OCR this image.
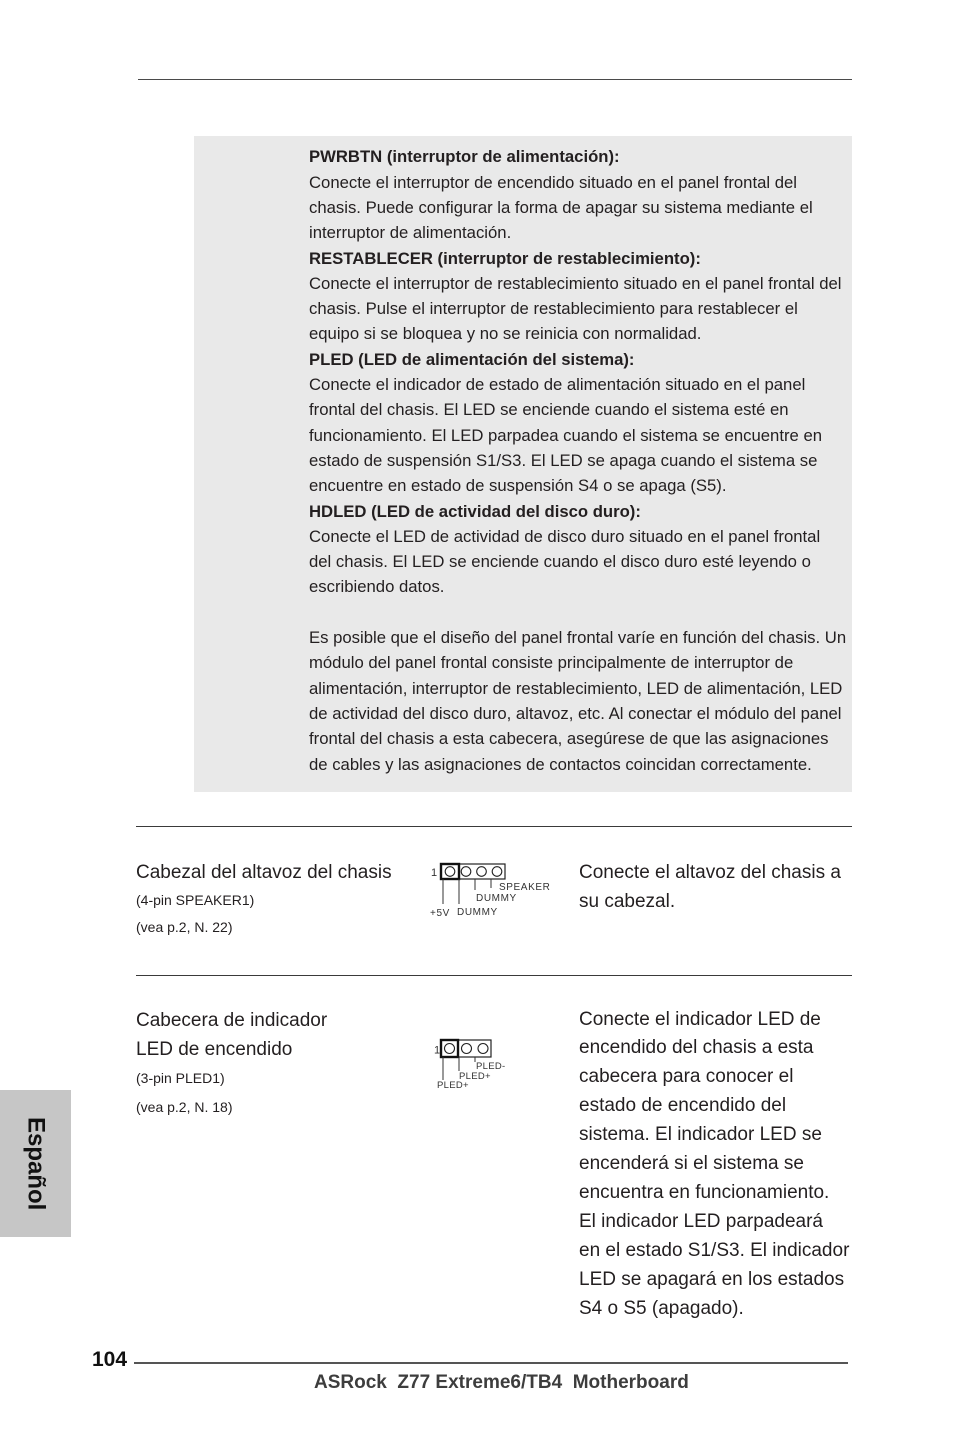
PWRBTN (interruptor de alimentación):
Conecte el interruptor de encendido situado en el panel frontal del
chasis. Puede configurar la forma de apagar su sistema mediante el
interruptor de alimentación.
RESTABLECER (interruptor de restablecimiento):
Conecte el interruptor de restablecimiento situado en el panel frontal del
chasis. Pulse el interruptor de restablecimiento para restablecer el
equipo si se bloquea y no se reinicia con normalidad.
PLED (LED de alimentación del sistema):
Conecte el indicador de estado de alimentación situado en el panel
frontal del chasis. El LED se enciende cuando el sistema esté en
funcionamiento. El LED parpadea cuando el sistema se encuentre en
estado de suspensión S1/S3. El LED se apaga cuando el sistema se
encuentre en estado de suspensión S4 o se apaga (S5).
HDLED (LED de actividad del disco duro):
Conecte el LED de actividad de disco duro situado en el panel frontal
del chasis. El LED se enciende cuando el disco duro esté leyendo o
escribiendo datos.
Es posible que el diseño del panel frontal varíe en función del chasis. Un
módulo del panel frontal consiste principalmente de interruptor de
alimentación, interruptor de restablecimiento, LED de alimentación, LED
de actividad del disco duro, altavoz, etc. Al conectar el módulo del panel
frontal del chasis a esta cabecera, asegúrese de que las asignaciones
de cables y las asignaciones de contactos coincidan correctamente.
Cabezal del altavoz del chasis
(4-pin SPEAKER1)
(vea p.2, N. 22)
1
+5V DUMMY
DUMMY
SPEAKER
Conecte el altavoz del chasis a
su cabezal.
Cabecera de indicador
LED de encendido
(3-pin PLED1)
(vea p.2, N. 18)
1
PLED-
PLED+
PLED+
Conecte el indicador LED de
encendido del chasis a esta
cabecera para conocer el
estado de encendido del
sistema. El indicador LED se
encenderá si el sistema se
encuentra en funcionamiento.
El indicador LED parpadeará
en el estado S1/S3. El indicador
LED se apagará en los estados
S4 o S5 (apagado).
Español
104
ASRock  Z77 Extreme6/TB4  Motherboard
